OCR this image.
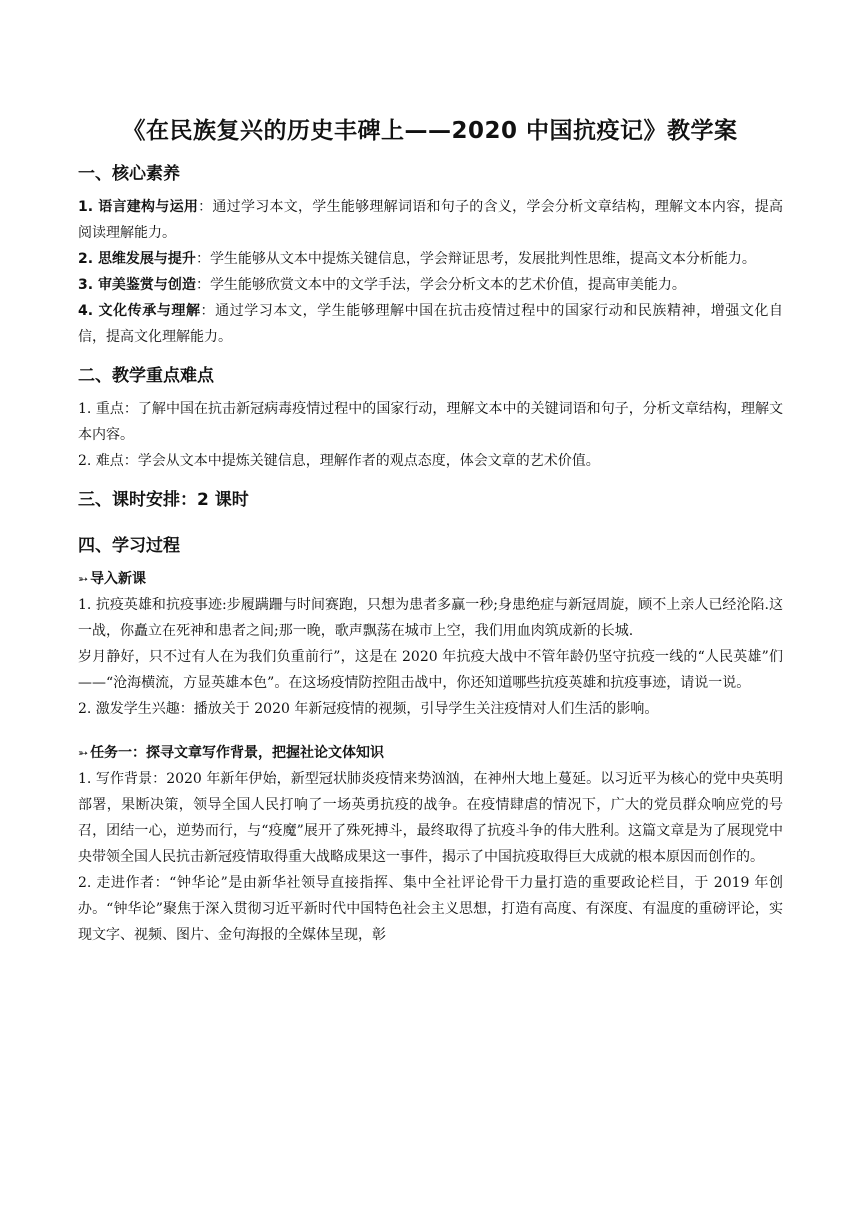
《在民族复兴的历史丰碑上——2020 中国抗疫记》教学案
一、核心素养

1. 语言建构与运用：通过学习本文，学生能够理解词语和句子的含义，学会分析文章结构，理解文本内容，提高阅读理解能力。

2. 思维发展与提升：学生能够从文本中提炼关键信息，学会辩证思考，发展批判性思维，提高文本分析能力。

3. 审美鉴赏与创造：学生能够欣赏文本中的文学手法，学会分析文本的艺术价值，提高审美能力。

4. 文化传承与理解：通过学习本文，学生能够理解中国在抗击疫情过程中的国家行动和民族精神，增强文化自信，提高文化理解能力。

二、教学重点难点

1. 重点：了解中国在抗击新冠病毒疫情过程中的国家行动，理解文本中的关键词语和句子，分析文章结构，理解文本内容。

2. 难点：学会从文本中提炼关键信息，理解作者的观点态度，体会文章的艺术价值。

三、课时安排：2 课时
四、学习过程
➳ 导入新课

1. 抗疫英雄和抗疫事迹:步履蹒跚与时间赛跑，只想为患者多赢一秒;身患绝症与新冠周旋，顾不上亲人已经沦陷.这一战，你矗立在死神和患者之间;那一晚，歌声飘荡在城市上空，我们用血肉筑成新的长城.

岁月静好，只不过有人在为我们负重前行”，这是在 2020 年抗疫大战中不管年龄仍坚守抗疫一线的“人民英雄”们——“沧海横流，方显英雄本色”。在这场疫情防控阻击战中，你还知道哪些抗疫英雄和抗疫事迹，请说一说。

2. 激发学生兴趣：播放关于 2020 年新冠疫情的视频，引导学生关注疫情对人们生活的影响。

➳ 任务一：探寻文章写作背景，把握社论文体知识

1. 写作背景：2020 年新年伊始，新型冠状肺炎疫情来势汹汹，在神州大地上蔓延。以习近平为核心的党中央英明部署，果断决策，领导全国人民打响了一场英勇抗疫的战争。在疫情肆虐的情况下，广大的党员群众响应党的号召，团结一心，逆势而行，与“疫魔”展开了殊死搏斗，最终取得了抗疫斗争的伟大胜利。这篇文章是为了展现党中央带领全国人民抗击新冠疫情取得重大战略成果这一事件，揭示了中国抗疫取得巨大成就的根本原因而创作的。

2. 走进作者：“钟华论”是由新华社领导直接指挥、集中全社评论骨干力量打造的重要政论栏目，于 2019 年创办。“钟华论”聚焦于深入贯彻习近平新时代中国特色社会主义思想，打造有高度、有深度、有温度的重磅评论，实现文字、视频、图片、金句海报的全媒体呈现，彰
